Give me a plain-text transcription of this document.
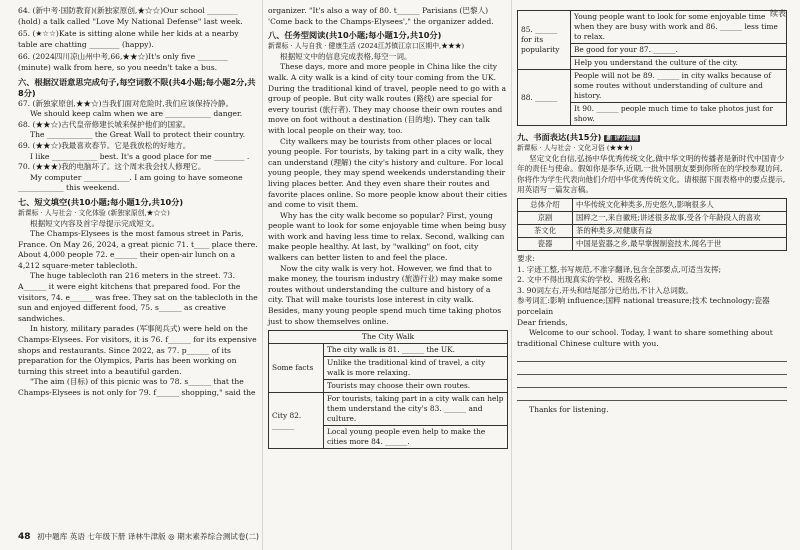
续表

64. (新中考·国防教育)(新独家原创,★☆☆)Our school ________ (hold) a talk called "Love My National Defense" last week.

65. (★☆☆)Kate is sitting alone while her kids at a nearby table are chatting ________ (happy).

66. (2024四川凉山州中考,66,★★☆)It's only five ________ (minute) walk from here, so you needn't take a bus.

六、根据汉语意思完成句子,每空词数不限(共4小题;每小题2分,共8分)

67. (新独家原创,★★☆)当我们面对危险时,我们应该保持冷静。

We should keep calm when we are ____________ danger.

68. (★★☆)古代皇帝修建长城来保护他们的国家。

The ____________ the Great Wall to protect their country.

69. (★★☆)我最喜欢春节。它是我放松的好地方。

I like ____________ best. It's a good place for me ________ .

70. (★★★)我的电脑坏了。这个周末我会找人修理它。

My computer ____________. I am going to have someone ____________ this weekend.

七、短文填空(共10小题;每小题1分,共10分)

新课标 · 人与社会 · 文化体验 (新独家原创,★☆☆)

根据短文内容及首字母提示完成短文。

The Champs-Elysees is the most famous street in Paris, France. On May 26, 2024, a great picnic 71. t____ place there. About 4,000 people 72. e______ their open-air lunch on a 4,212 square-meter tablecloth.

The huge tablecloth ran 216 meters in the street. 73. A______ it were eight kitchens that prepared food. For the visitors, 74. e______ was free. They sat on the tablecloth in the sun and enjoyed different food, 75. s______ as creative sandwiches.

In history, military parades (军事阅兵式) were held on the Champs-Elysees. For visitors, it is 76. f______ for its expensive shops and restaurants. Since 2022, as 77. p______ of its preparation for the Olympics, Paris has been working on turning this street into a beautiful garden.

"The aim (目标) of this picnic was to 78. s______ that the Champs-Elysees is not only for 79. f______ shopping," said the

organizer. "It's also a way of 80. t______ Parisians (巴黎人) 'Come back to the Champs-Elysees'," the organizer added.

八、任务型阅读(共10小题;每小题1分,共10分)

新课标 · 人与自我 · 健康生活 (2024江苏镇江京口区期中,★★★)

根据短文中的信息完成表格,每空一词。

These days, more and more people in China like the city walk. A city walk is a kind of city tour coming from the UK. During the traditional kind of travel, people need to go with a group of people. But city walk routes (路线) are special for every tourist (旅行者). They may choose their own routes and move on foot without a destination (目的地). They can talk with local people on their way, too.

City walkers may be tourists from other places or local young people. For tourists, by taking part in a city walk, they can understand (理解) the city's history and culture. For local young people, they may spend weekends understanding their living places better. And they even share their routes and favorite places online. So more people know about their cities and come to visit them.

Why has the city walk become so popular? First, young people want to look for some enjoyable time when being busy with work and having less time to relax. Second, walking can make people healthy. At last, by "walking" on foot, city walkers can better listen to and feel the place.

Now the city walk is very hot. However, we find that to make money, the tourism industry (旅游行业) may make some routes without understanding the culture and history of a city. That will make tourists lose interest in city walk. Besides, many young people spend much time taking photos just to show themselves online.

The City Walk	
Some facts	The city walk is 81. ______ the UK.
	Unlike the traditional kind of travel, a city walk is more relaxing.
	Tourists may choose their own routes.
City 82. ______	For tourists, taking part in a city walk can help them understand the city's 83. ______ and culture.
	Local young people even help to make the cities more 84. ______.
85. ______ for its popularity	Young people want to look for some enjoyable time when they are busy with work and 86. ______ less time to relax.
	Be good for your 87. ______.
	Help you understand the culture of the city.
88. ______	People will not be 89. ______ in city walks because of some routes without understanding of culture and history.
	It 90. ______ people much time to take photos just for show.

九、书面表达(共15分) 新 评分细则

新课标 · 人与社会 · 文化习俗 (★★★)

坚定文化自信,弘扬中华优秀传统文化,做中华文明的传播者是新时代中国青少年的责任与使命。假如你是李华,近期,一批外国朋友要到你所在的学校参观访问,你将作为学生代表向他们介绍中华优秀传统文化。请根据下面表格中的要点提示,用英语写一篇发言稿。

总体介绍	中华传统文化种类多,历史悠久,影响很多人
京剧	国粹之一,来自徽班;讲述很多故事,受各个年龄段人的喜欢
茶文化	茶的种类多,对健康有益
瓷器	中国是瓷器之乡,最早掌握制瓷技术,闻名于世

要求:

1. 字迹工整,书写规范,不准字翻译,包含全部要点,可适当发挥;

2. 文中不得出现真实的学校、班级名称;

3. 90词左右,开头和结尾部分已给出,不计入总词数。

参考词汇:影响 influence;国粹 national treasure;技术 technology;瓷器 porcelain

Dear friends,

Welcome to our school. Today, I want to share something about traditional Chinese culture with you.

Thanks for listening.

48 初中题库 英语 七年级下册 译林牛津版 ◎ 期末素养综合测试卷(二)
